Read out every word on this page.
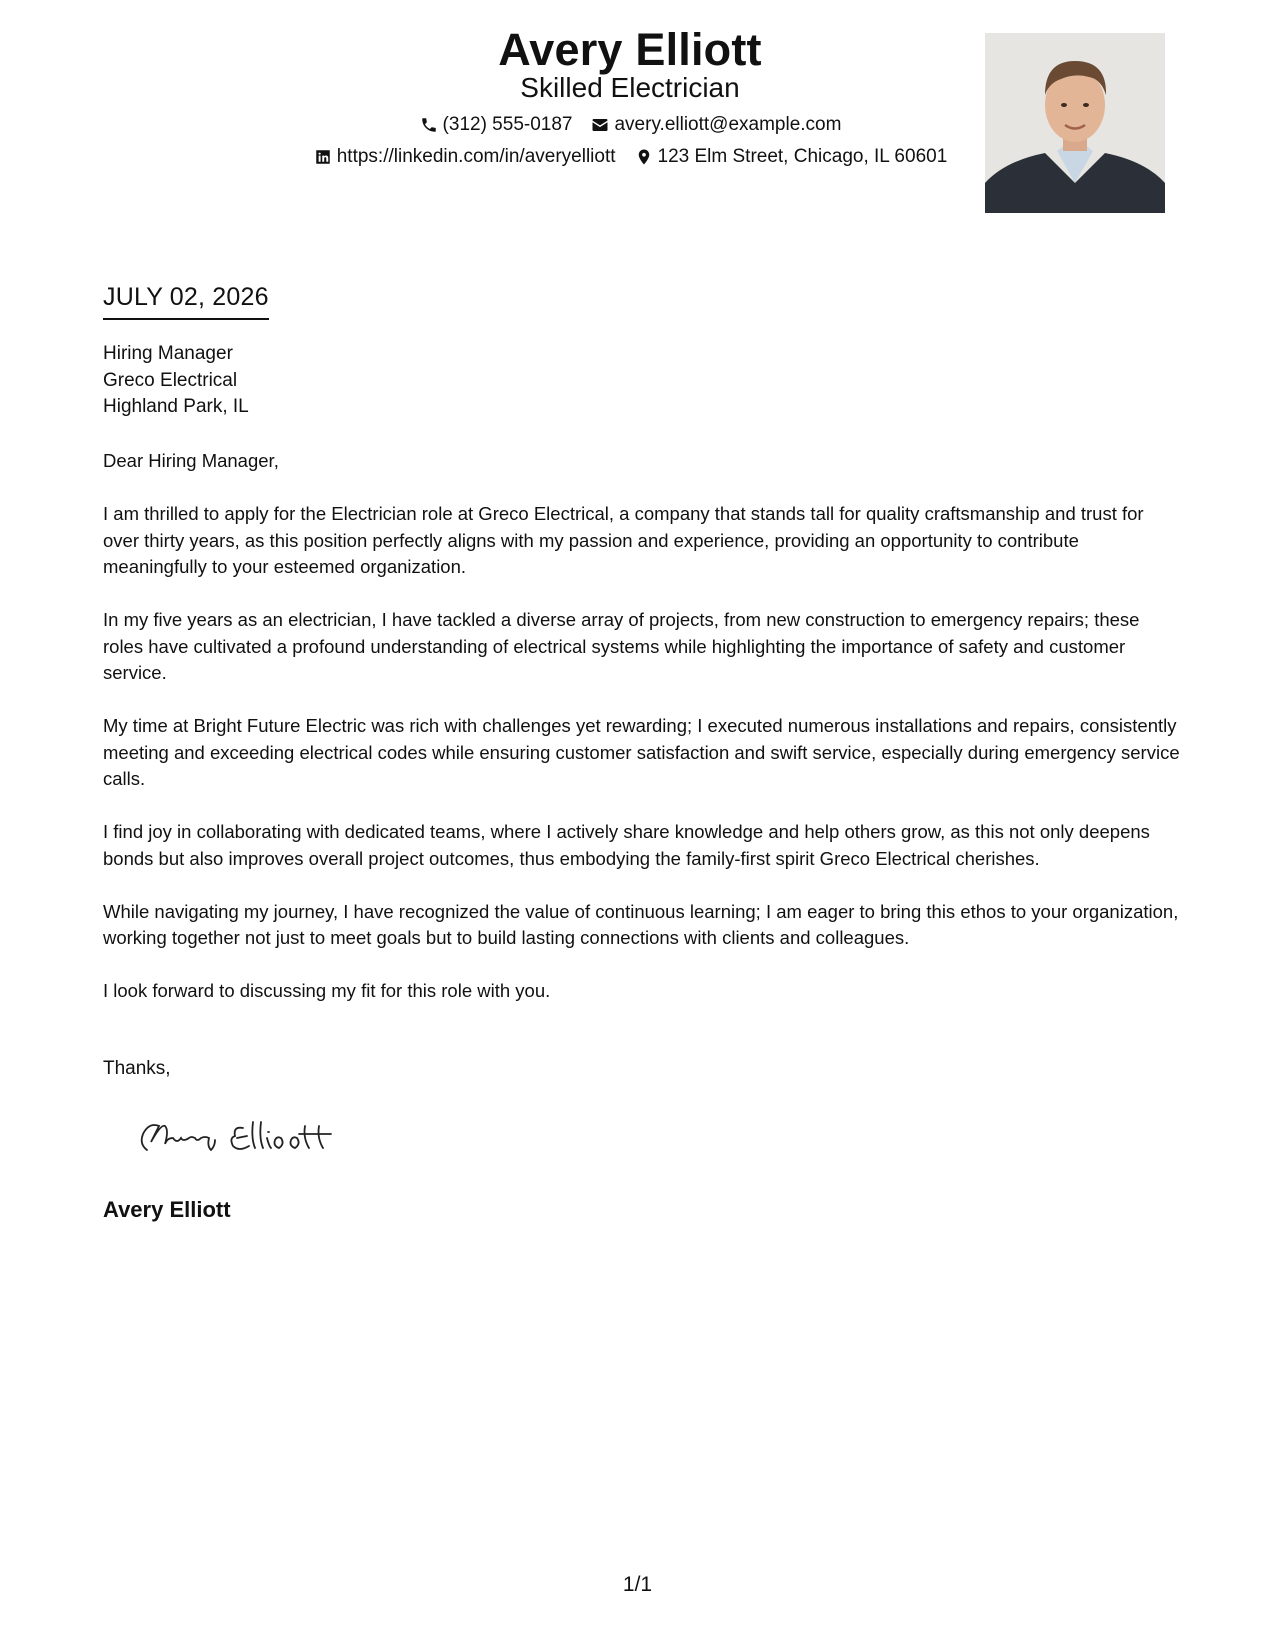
Avery Elliott
Skilled Electrician
(312) 555-0187 avery.elliott@example.com
https://linkedin.com/in/averyelliott 123 Elm Street, Chicago, IL 60601
JULY 02, 2026
Hiring Manager
Greco Electrical
Highland Park, IL

Dear Hiring Manager,

I am thrilled to apply for the Electrician role at Greco Electrical, a company that stands tall for quality craftsmanship and trust for over thirty years, as this position perfectly aligns with my passion and experience, providing an opportunity to contribute meaningfully to your esteemed organization.

In my five years as an electrician, I have tackled a diverse array of projects, from new construction to emergency repairs; these roles have cultivated a profound understanding of electrical systems while highlighting the importance of safety and customer service.

My time at Bright Future Electric was rich with challenges yet rewarding; I executed numerous installations and repairs, consistently meeting and exceeding electrical codes while ensuring customer satisfaction and swift service, especially during emergency service calls.

I find joy in collaborating with dedicated teams, where I actively share knowledge and help others grow, as this not only deepens bonds but also improves overall project outcomes, thus embodying the family-first spirit Greco Electrical cherishes.

While navigating my journey, I have recognized the value of continuous learning; I am eager to bring this ethos to your organization, working together not just to meet goals but to build lasting connections with clients and colleagues.

I look forward to discussing my fit for this role with you.

Thanks,
Avery Elliott
1/1
